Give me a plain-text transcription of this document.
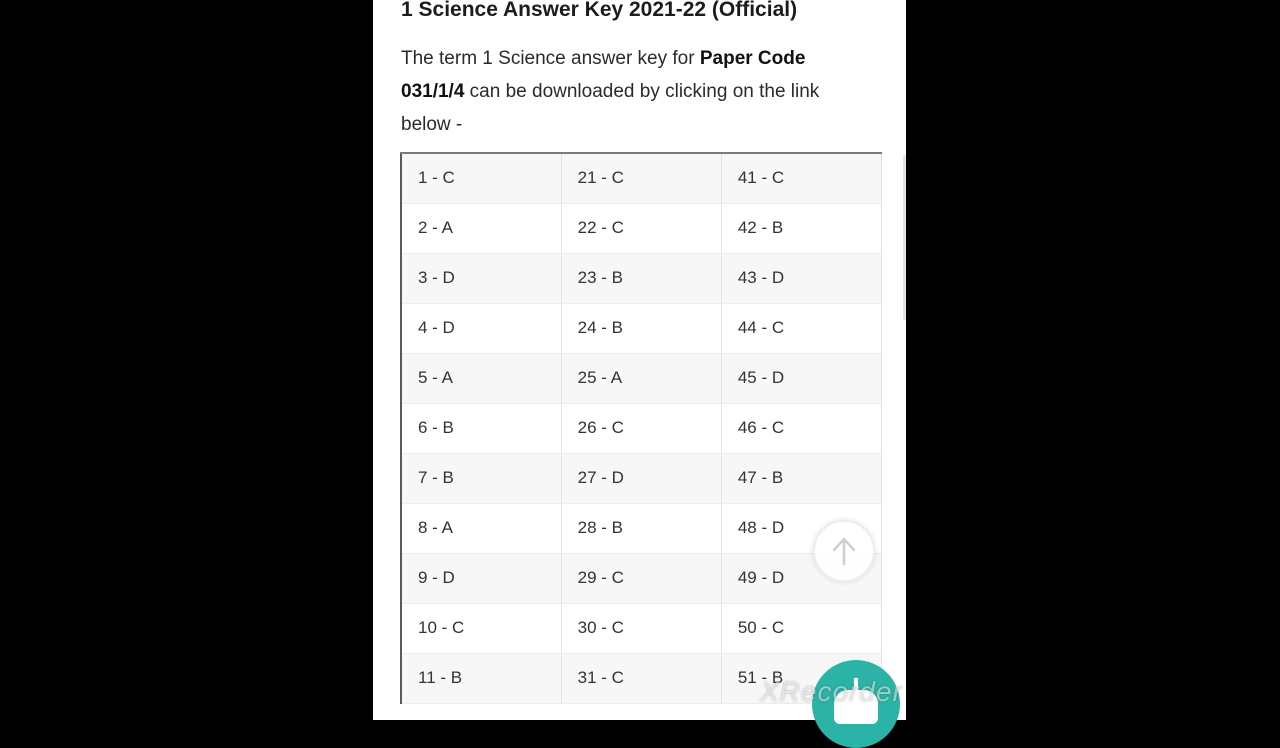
1 Science Answer Key 2021-22 (Official)

The term 1 Science answer key for Paper Code 031/1/4 can be downloaded by clicking on the link below -

1 - C	21 - C	41 - C
2 - A	22 - C	42 - B
3 - D	23 - B	43 - D
4 - D	24 - B	44 - C
5 - A	25 - A	45 - D
6 - B	26 - C	46 - C
7 - B	27 - D	47 - B
8 - A	28 - B	48 - D
9 - D	29 - C	49 - D
10 - C	30 - C	50 - C
11 - B	31 - C	51 - B
XRecorder
